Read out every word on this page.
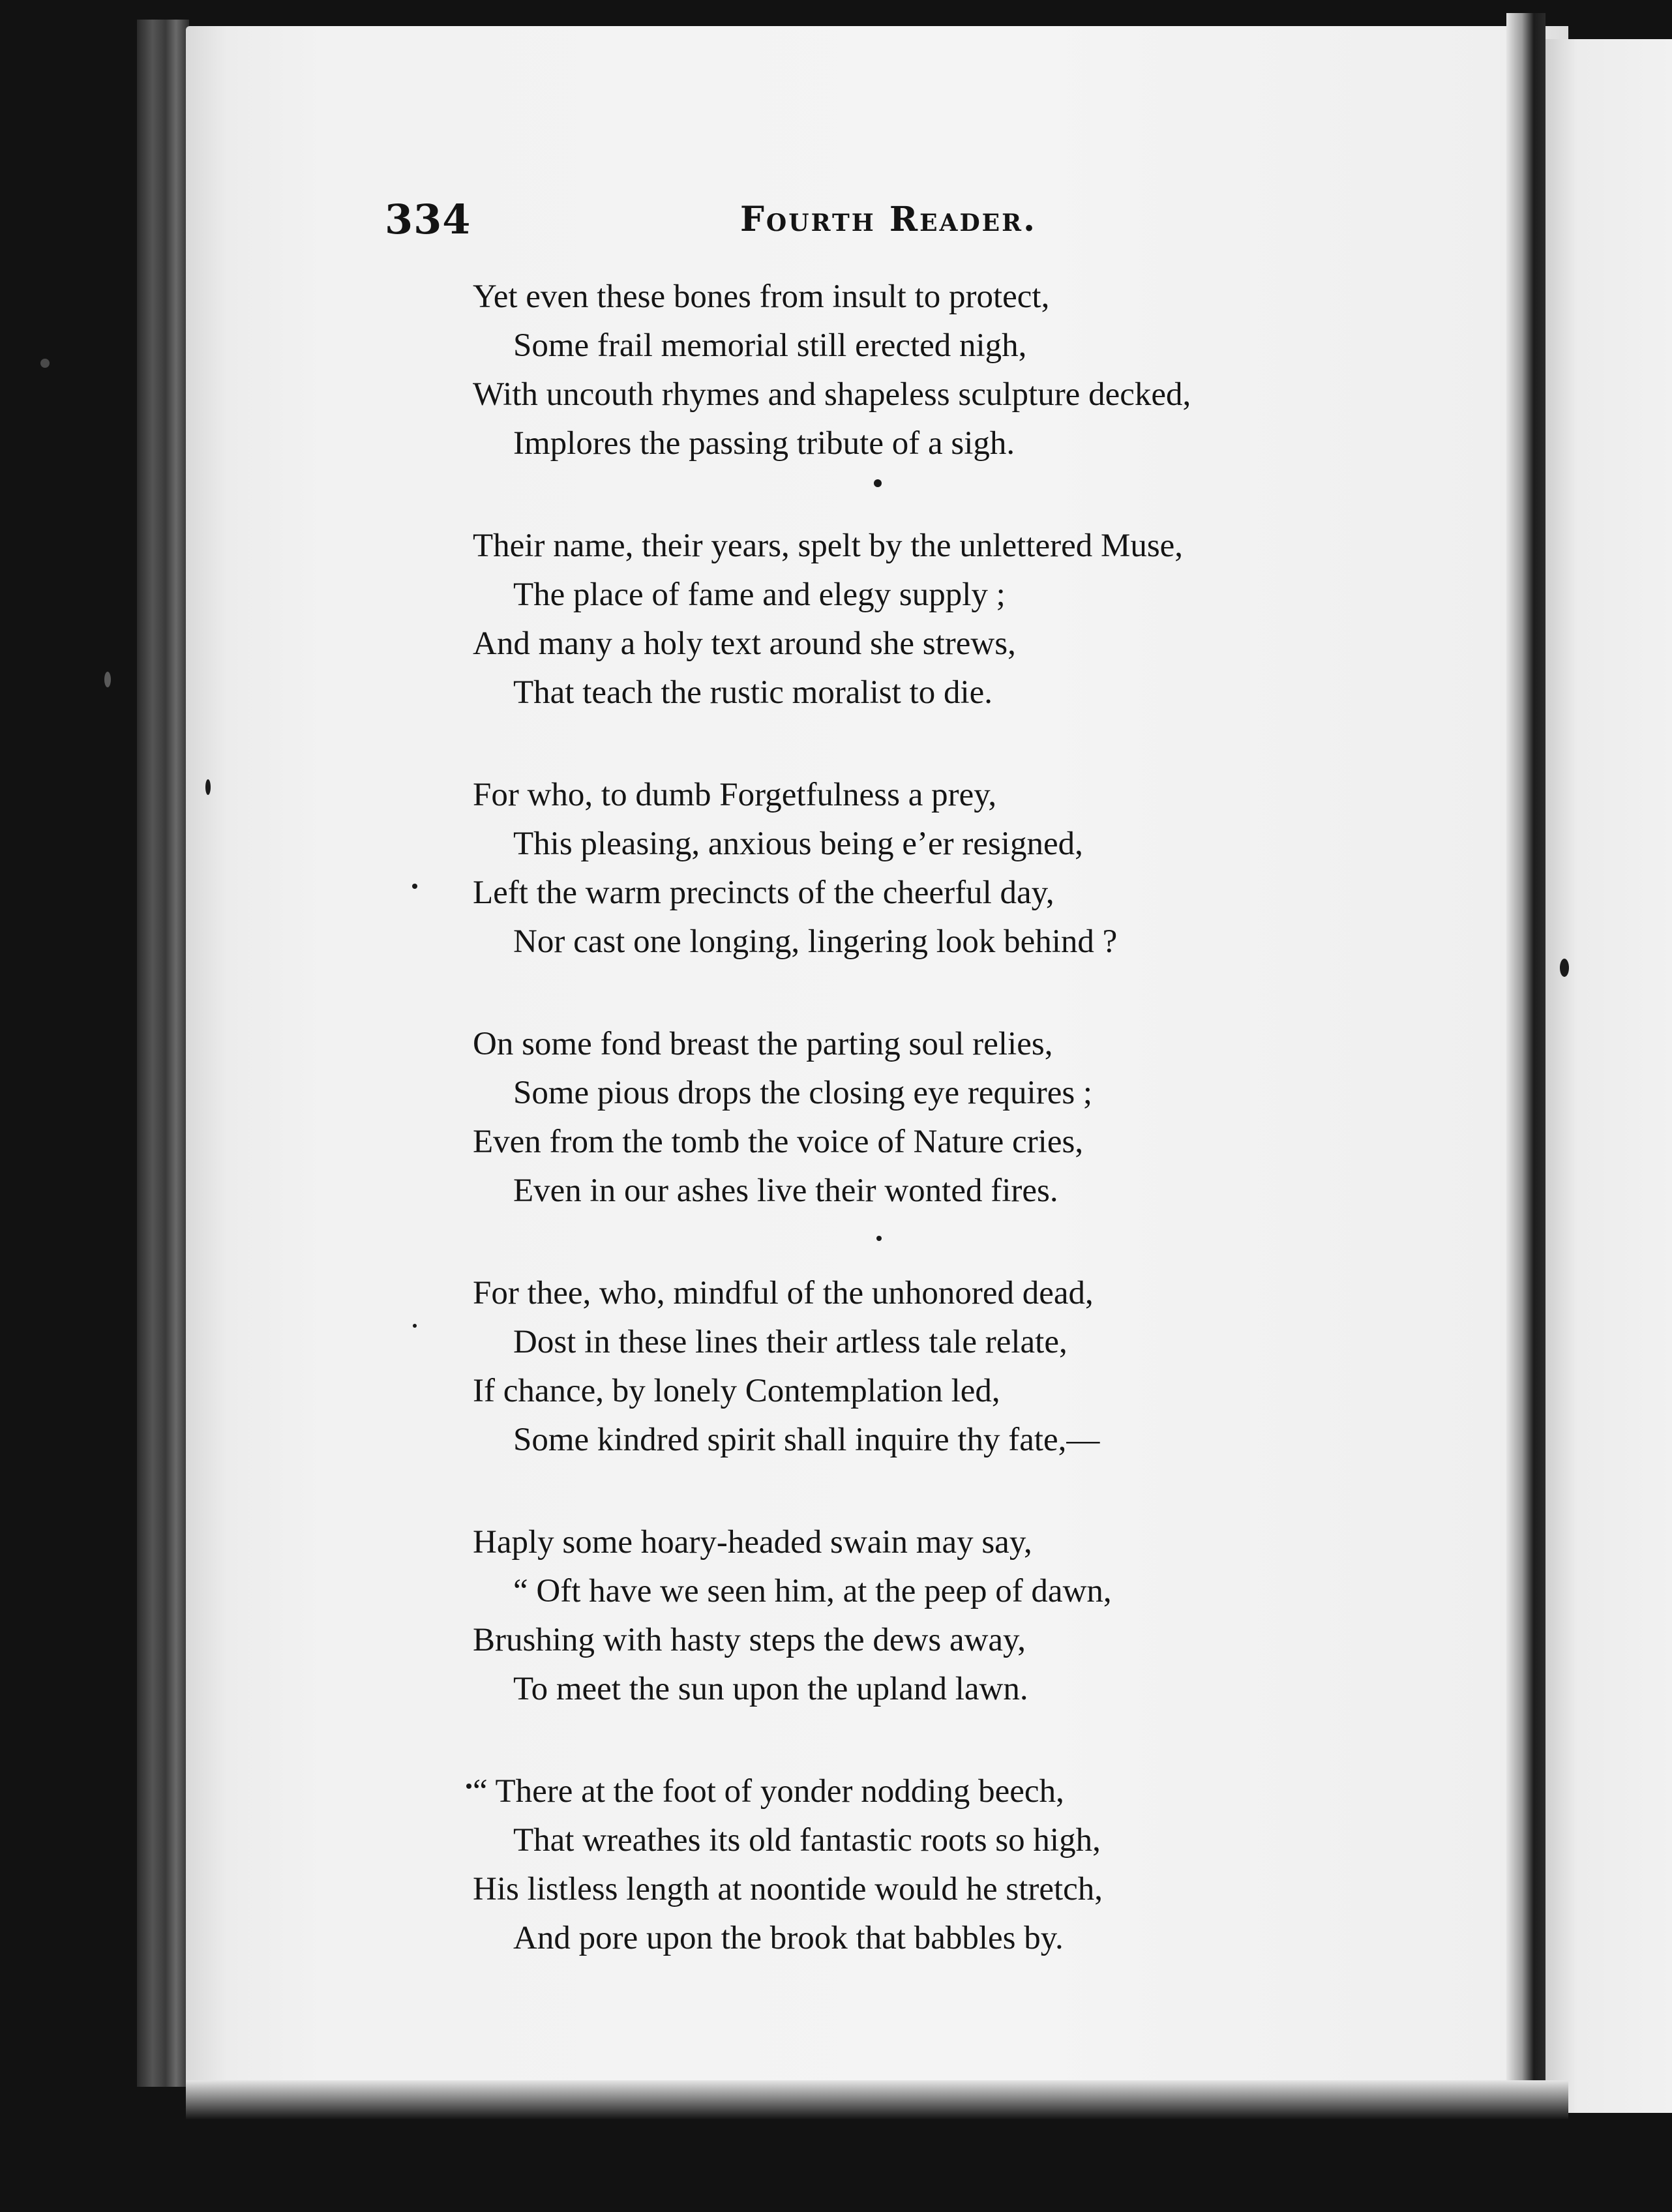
334	Fourth Reader.
Yet even these bones from insult to protect,
Some frail memorial still erected nigh,
With uncouth rhymes and shapeless sculpture decked,
Implores the passing tribute of a sigh.
Their name, their years, spelt by the unlettered Muse,
The place of fame and elegy supply ;
And many a holy text around she strews,
That teach the rustic moralist to die.
For who, to dumb Forgetfulness a prey,
This pleasing, anxious being e’er resigned,
Left the warm precincts of the cheerful day,
Nor cast one longing, lingering look behind ?
On some fond breast the parting soul relies,
Some pious drops the closing eye requires ;
Even from the tomb the voice of Nature cries,
Even in our ashes live their wonted fires.
For thee, who, mindful of the unhonored dead,
Dost in these lines their artless tale relate,
If chance, by lonely Contemplation led,
Some kindred spirit shall inquire thy fate,—
Haply some hoary-headed swain may say,
“ Oft have we seen him, at the peep of dawn,
Brushing with hasty steps the dews away,
To meet the sun upon the upland lawn.
“ There at the foot of yonder nodding beech,
That wreathes its old fantastic roots so high,
His listless length at noontide would he stretch,
And pore upon the brook that babbles by.
